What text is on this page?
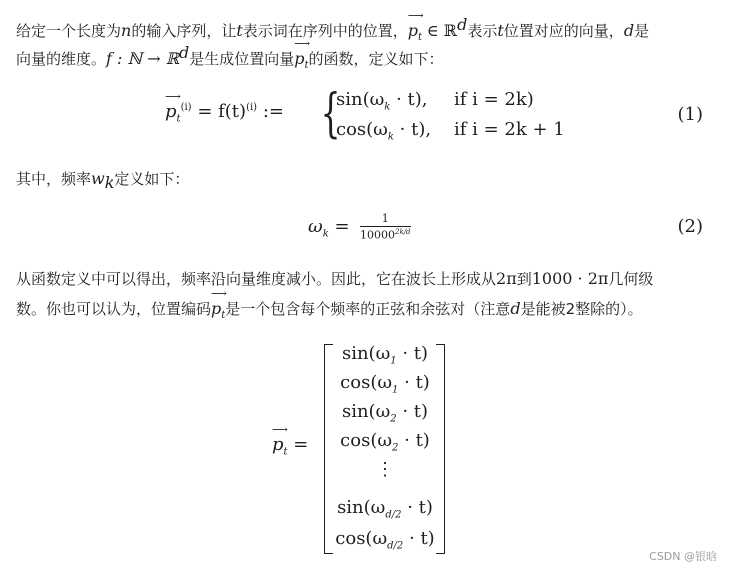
给定一个长度为n的输入序列，让t表示词在序列中的位置，
⟶
$p_t$ ∈ ℝ$^d$表示t位置对应的向量，d是
向量的维度。f : ℕ → ℝ$^d$是生成位置向量
⟶
$p_t$的函数，定义如下：
⟶
$p_t^{(i)} = f(t)^{(i)}$ := {
$\sin(\omega_k \cdot t)$, if i = 2k)
$\cos(\omega_k \cdot t)$, if i = 2k + 1
(1)
其中，频率$w_k$定义如下：
$\omega_k = \frac{1}{10000^{2k/d}}$	(2)
从函数定义中可以得出，频率沿向量维度减小。因此，它在波长上形成从2π到1000 · 2π几何级
数。你也可以认为，位置编码
⟶
$p_t$是一个包含每个频率的正弦和余弦对（注意d是能被2整除的）。
⟶
$p_t$ =
$\sin(\omega_1 \cdot t)$
$\cos(\omega_1 \cdot t)$
$\sin(\omega_2 \cdot t)$
$\cos(\omega_2 \cdot t)$
⋮
$\sin(\omega_{d/2} \cdot t)$
$\cos(\omega_{d/2} \cdot t)$
CSDN @银晗
